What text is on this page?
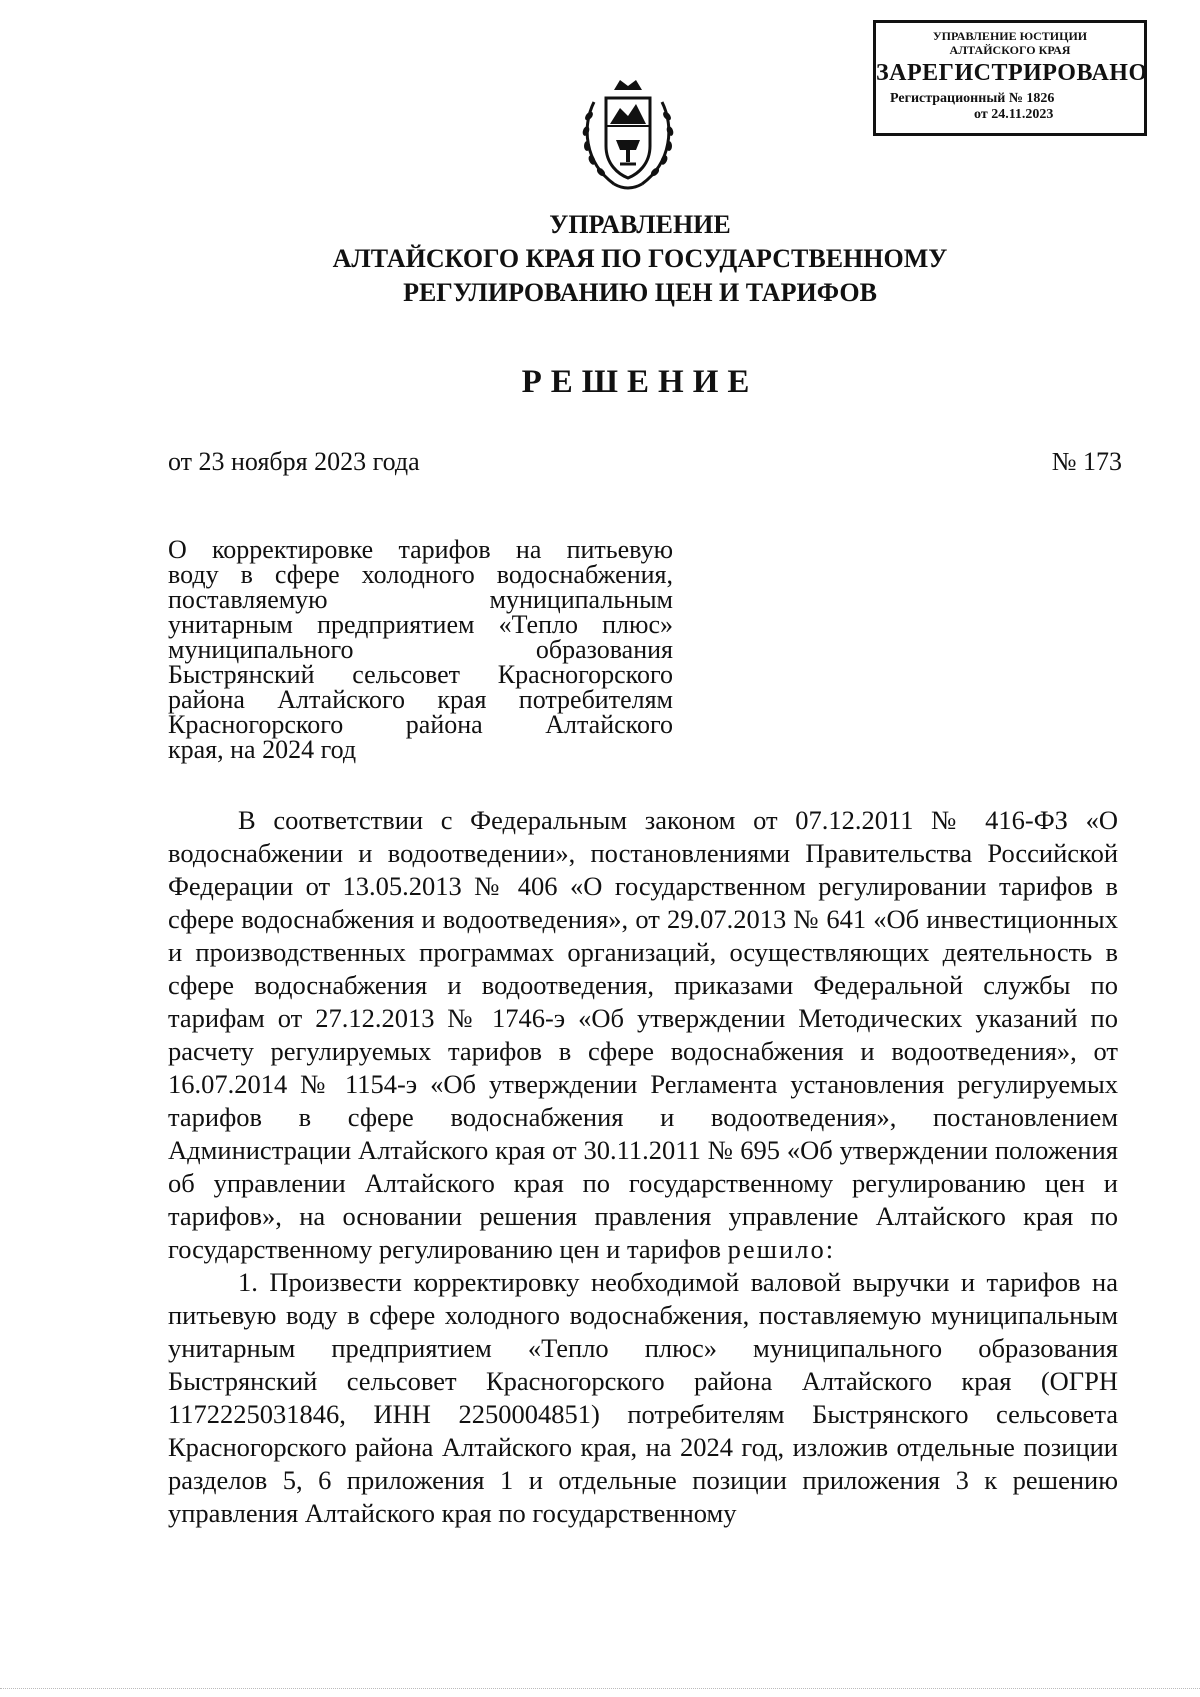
УПРАВЛЕНИЕ ЮСТИЦИИ
АЛТАЙСКОГО КРАЯ
ЗАРЕГИСТРИРОВАНО
Регистрационный № 1826
от 24.11.2023
УПРАВЛЕНИЕ
АЛТАЙСКОГО КРАЯ ПО ГОСУДАРСТВЕННОМУ
РЕГУЛИРОВАНИЮ ЦЕН И ТАРИФОВ
РЕШЕНИЕ
от 23 ноября 2023 года	№ 173
О корректировке тарифов на питьевую
воду в сфере холодного водоснабжения,
поставляемую муниципальным
унитарным предприятием «Тепло плюс»
муниципального образования
Быстрянский сельсовет Красногорского
района Алтайского края потребителям
Красногорского района Алтайского
края, на 2024 год

В соответствии с Федеральным законом от 07.12.2011 № 416-ФЗ «О водоснабжении и водоотведении», постановлениями Правительства Российской Федерации от 13.05.2013 № 406 «О государственном регулировании тарифов в сфере водоснабжения и водоотведения», от 29.07.2013 № 641 «Об инвестиционных и производственных программах организаций, осуществляющих деятельность в сфере водоснабжения и водоотведения, приказами Федеральной службы по тарифам от 27.12.2013 № 1746-э «Об утверждении Методических указаний по расчету регулируемых тарифов в сфере водоснабжения и водоотведения», от 16.07.2014 № 1154-э «Об утверждении Регламента установления регулируемых тарифов в сфере водоснабжения и водоотведения», постановлением Администрации Алтайского края от 30.11.2011 № 695 «Об утверждении положения об управлении Алтайского края по государственному регулированию цен и тарифов», на основании решения правления управление Алтайского края по государственному регулированию цен и тарифов решило:

1. Произвести корректировку необходимой валовой выручки и тарифов на питьевую воду в сфере холодного водоснабжения, поставляемую муниципальным унитарным предприятием «Тепло плюс» муниципального образования Быстрянский сельсовет Красногорского района Алтайского края (ОГРН 1172225031846, ИНН 2250004851) потребителям Быстрянского сельсовета Красногорского района Алтайского края, на 2024 год, изложив отдельные позиции разделов 5, 6 приложения 1 и отдельные позиции приложения 3 к решению управления Алтайского края по государственному
